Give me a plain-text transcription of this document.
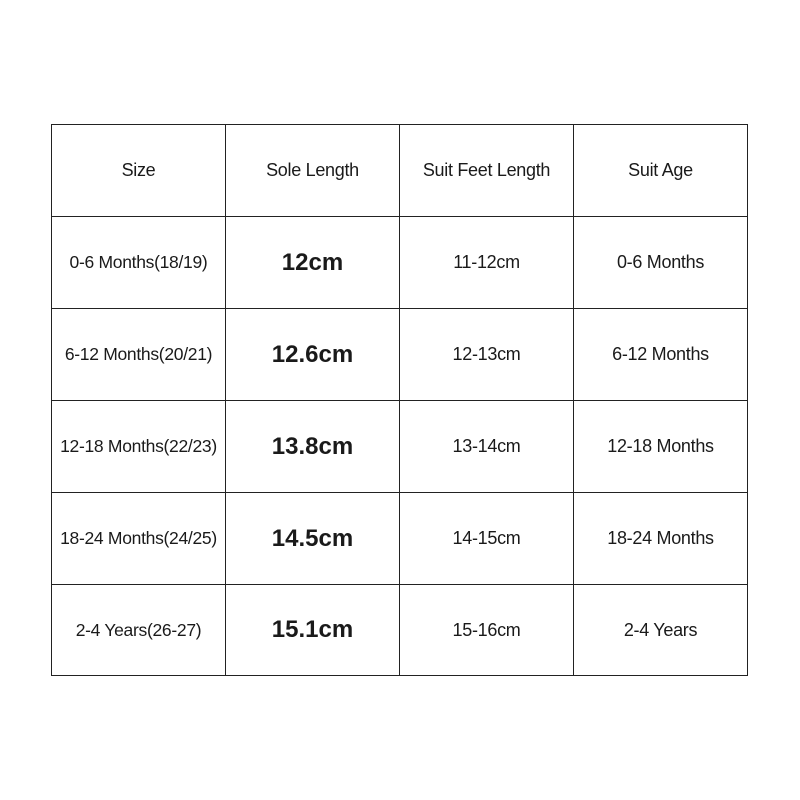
Size	Sole Length	Suit Feet Length	Suit Age
0-6 Months(18/19)	12cm	11-12cm	0-6 Months
6-12 Months(20/21)	12.6cm	12-13cm	6-12 Months
12-18 Months(22/23)	13.8cm	13-14cm	12-18 Months
18-24 Months(24/25)	14.5cm	14-15cm	18-24 Months
2-4 Years(26-27)	15.1cm	15-16cm	2-4 Years
